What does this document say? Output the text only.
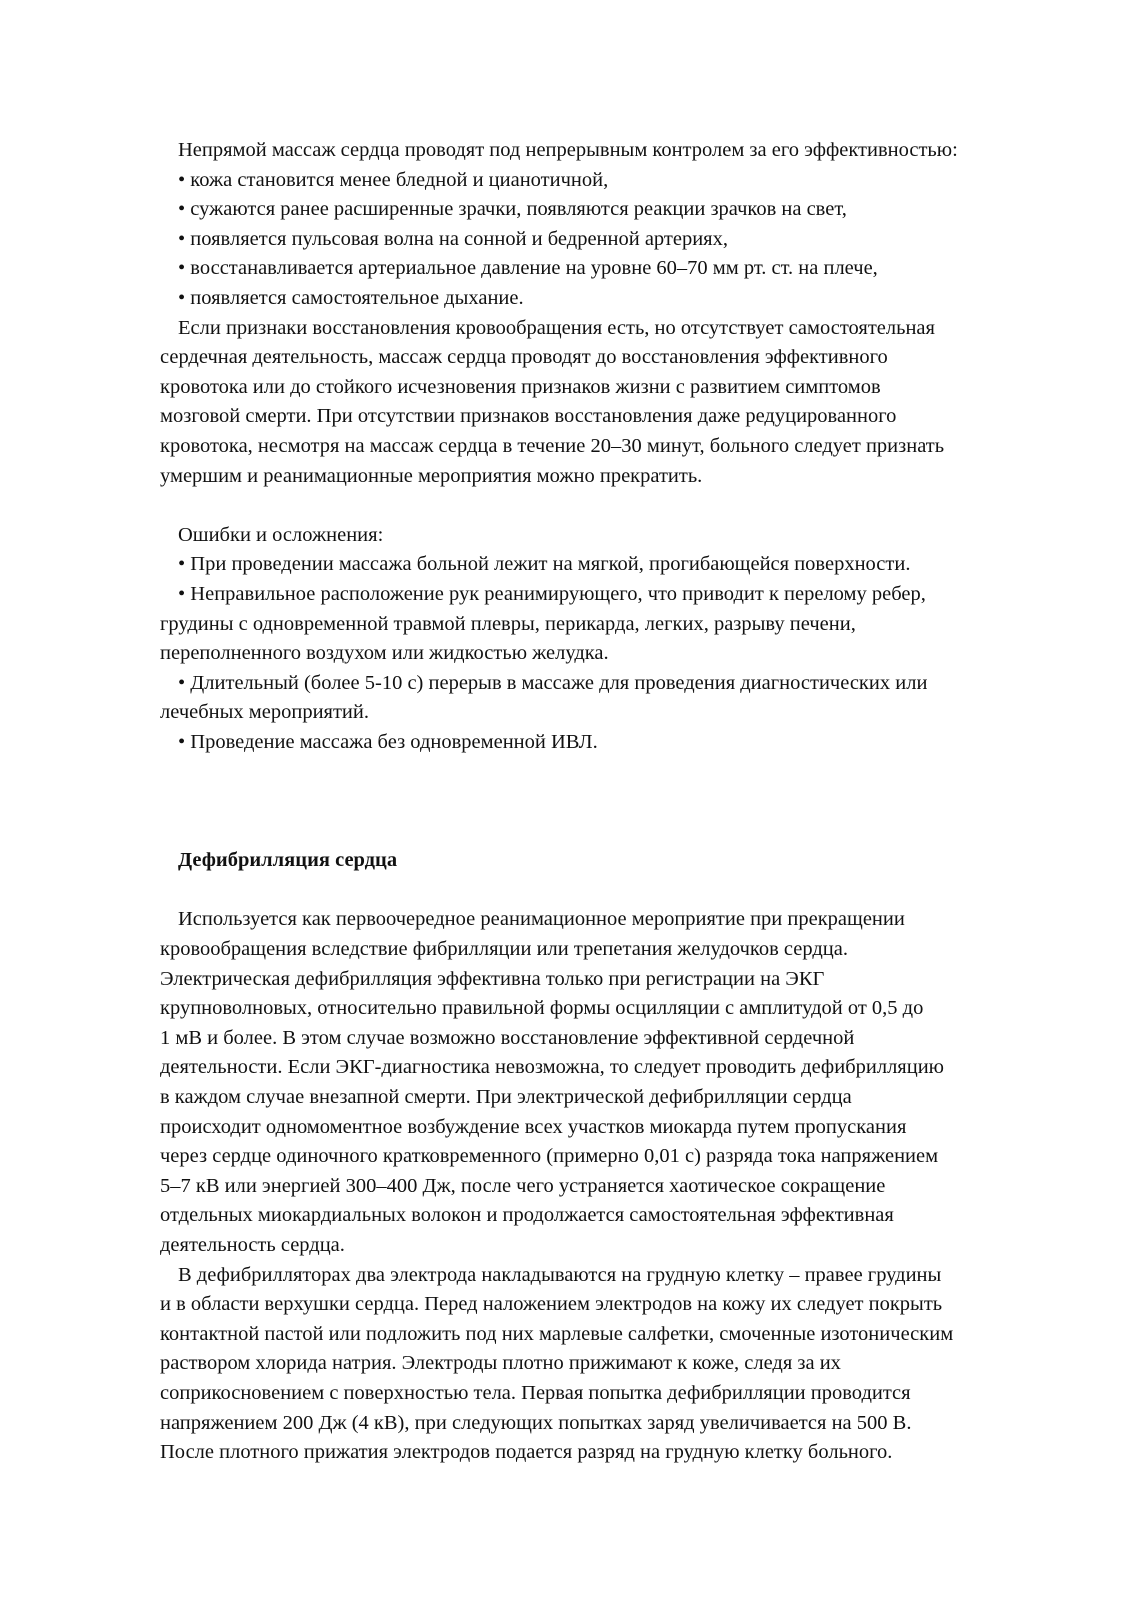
Непрямой массаж сердца проводят под непрерывным контролем за его эффективностью:

• кожа становится менее бледной и цианотичной,

• сужаются ранее расширенные зрачки, появляются реакции зрачков на свет,

• появляется пульсовая волна на сонной и бедренной артериях,

• восстанавливается артериальное давление на уровне 60–70 мм рт. ст. на плече,

• появляется самостоятельное дыхание.

Если признаки восстановления кровообращения есть, но отсутствует самостоятельная
сердечная деятельность, массаж сердца проводят до восстановления эффективного
кровотока или до стойкого исчезновения признаков жизни с развитием симптомов
мозговой смерти. При отсутствии признаков восстановления даже редуцированного
кровотока, несмотря на массаж сердца в течение 20–30 минут, больного следует признать
умершим и реанимационные мероприятия можно прекратить.

Ошибки и осложнения:

• При проведении массажа больной лежит на мягкой, прогибающейся поверхности.

• Неправильное расположение рук реанимирующего, что приводит к перелому ребер,
грудины с одновременной травмой плевры, перикарда, легких, разрыву печени,
переполненного воздухом или жидкостью желудка.
• Длительный (более 5-10 с) перерыв в массаже для проведения диагностических или
лечебных мероприятий.

• Проведение массажа без одновременной ИВЛ.

Дефибрилляция сердца

Используется как первоочередное реанимационное мероприятие при прекращении
кровообращения вследствие фибрилляции или трепетания желудочков сердца.
Электрическая дефибрилляция эффективна только при регистрации на ЭКГ
крупноволновых, относительно правильной формы осцилляции с амплитудой от 0,5 до
1 мВ и более. В этом случае возможно восстановление эффективной сердечной
деятельности. Если ЭКГ-диагностика невозможна, то следует проводить дефибрилляцию
в каждом случае внезапной смерти. При электрической дефибрилляции сердца
происходит одномоментное возбуждение всех участков миокарда путем пропускания
через сердце одиночного кратковременного (примерно 0,01 с) разряда тока напряжением
5–7 кВ или энергией 300–400 Дж, после чего устраняется хаотическое сокращение
отдельных миокардиальных волокон и продолжается самостоятельная эффективная
деятельность сердца.
В дефибрилляторах два электрода накладываются на грудную клетку – правее грудины
и в области верхушки сердца. Перед наложением электродов на кожу их следует покрыть
контактной пастой или подложить под них марлевые салфетки, смоченные изотоническим
раствором хлорида натрия. Электроды плотно прижимают к коже, следя за их
соприкосновением с поверхностью тела. Первая попытка дефибрилляции проводится
напряжением 200 Дж (4 кВ), при следующих попытках заряд увеличивается на 500 В.
После плотного прижатия электродов подается разряд на грудную клетку больного.
